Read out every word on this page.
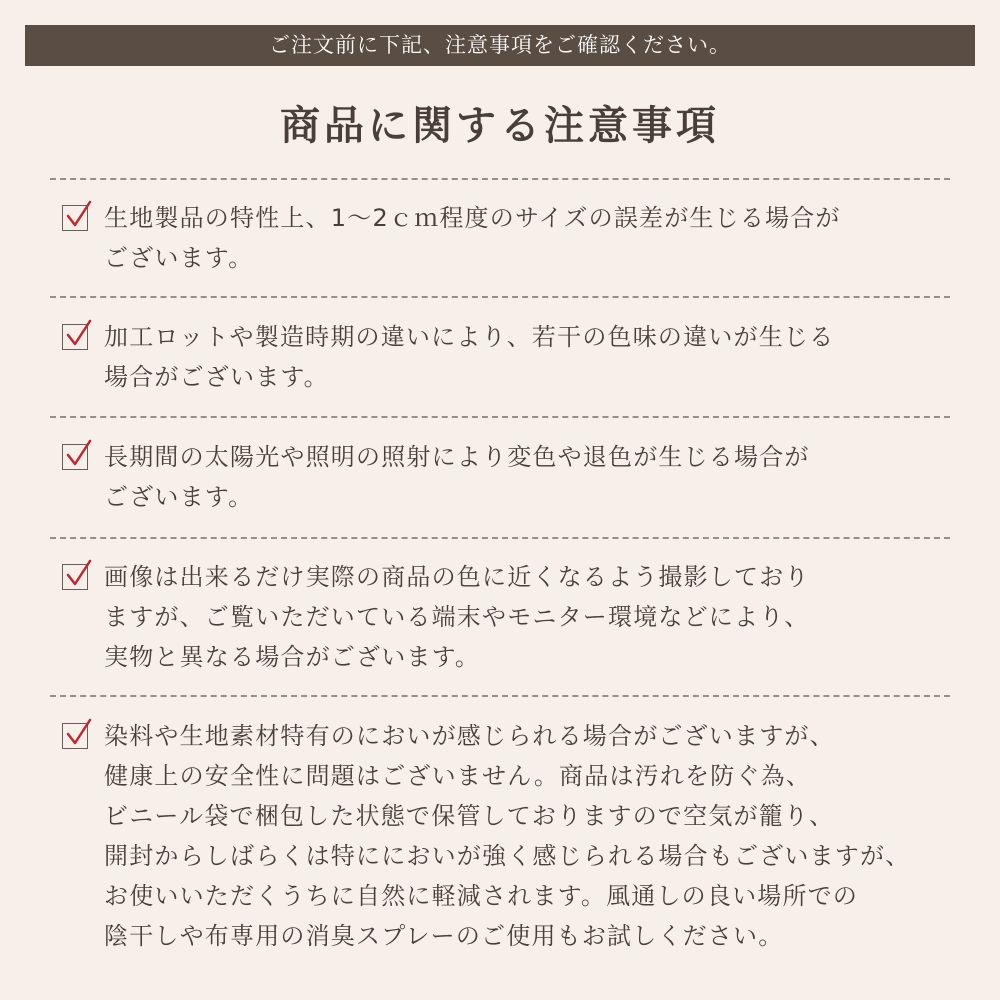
ご注文前に下記、注意事項をご確認ください。
商品に関する注意事項
生地製品の特性上、1～2ｃｍ程度のサイズの誤差が生じる場合が
ございます。
加工ロットや製造時期の違いにより、若干の色味の違いが生じる
場合がございます。
長期間の太陽光や照明の照射により変色や退色が生じる場合が
ございます。
画像は出来るだけ実際の商品の色に近くなるよう撮影しており
ますが、ご覧いただいている端末やモニター環境などにより、
実物と異なる場合がございます。
染料や生地素材特有のにおいが感じられる場合がございますが、
健康上の安全性に問題はございません。商品は汚れを防ぐ為、
ビニール袋で梱包した状態で保管しておりますので空気が籠り、
開封からしばらくは特ににおいが強く感じられる場合もございますが、
お使いいただくうちに自然に軽減されます。風通しの良い場所での
陰干しや布専用の消臭スプレーのご使用もお試しください。
